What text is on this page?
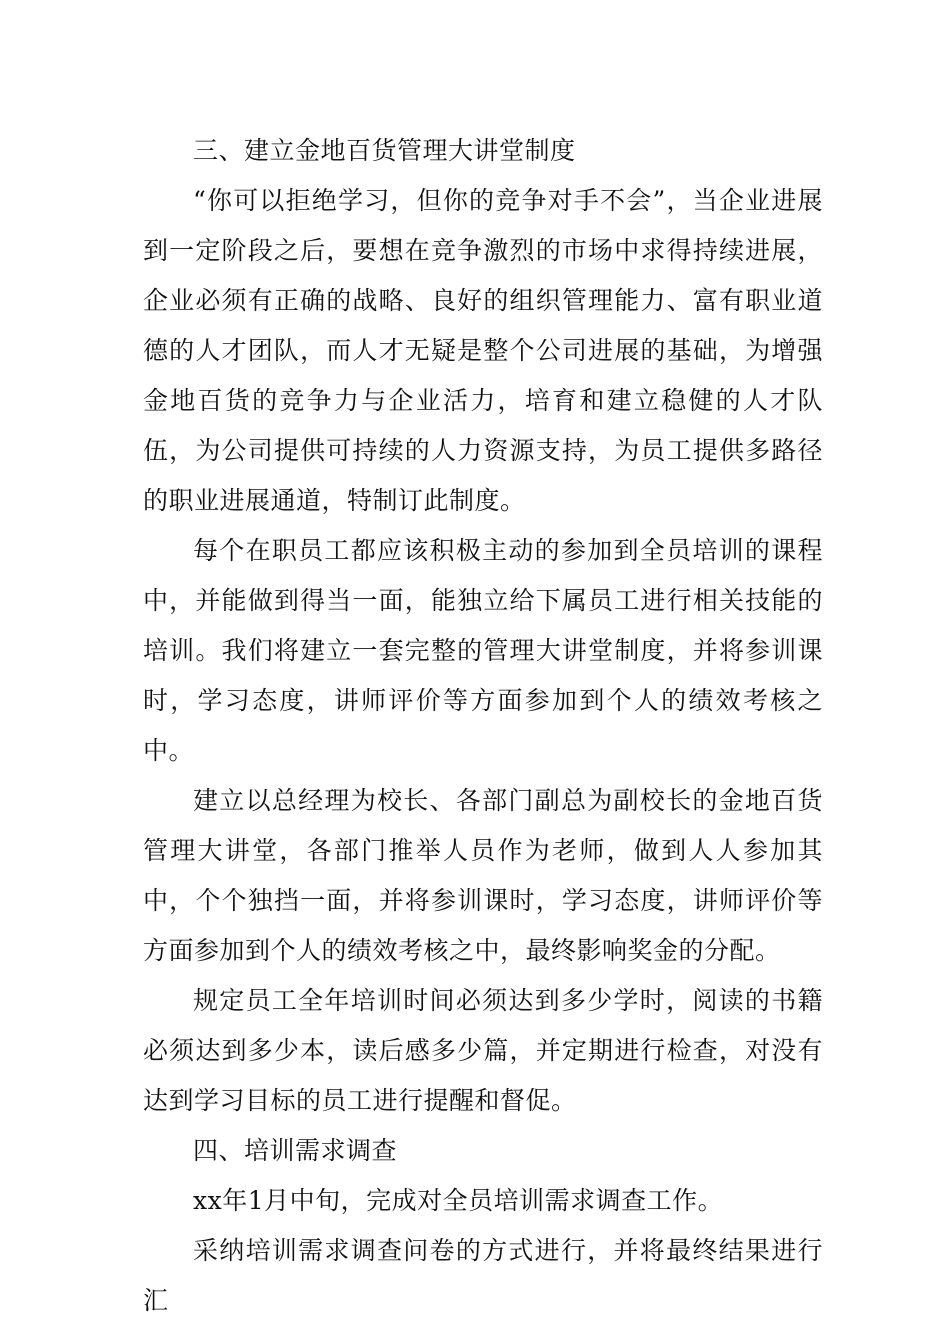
三、建立金地百货管理大讲堂制度

“你可以拒绝学习，但你的竞争对手不会”，当企业进展到一定阶段之后，要想在竞争激烈的市场中求得持续进展，企业必须有正确的战略、良好的组织管理能力、富有职业道德的人才团队，而人才无疑是整个公司进展的基础，为增强金地百货的竞争力与企业活力，培育和建立稳健的人才队伍，为公司提供可持续的人力资源支持，为员工提供多路径的职业进展通道，特制订此制度。

每个在职员工都应该积极主动的参加到全员培训的课程中，并能做到得当一面，能独立给下属员工进行相关技能的培训。我们将建立一套完整的管理大讲堂制度，并将参训课时，学习态度，讲师评价等方面参加到个人的绩效考核之中。

建立以总经理为校长、各部门副总为副校长的金地百货管理大讲堂，各部门推举人员作为老师，做到人人参加其中，个个独挡一面，并将参训课时，学习态度，讲师评价等方面参加到个人的绩效考核之中，最终影响奖金的分配。

规定员工全年培训时间必须达到多少学时，阅读的书籍必须达到多少本，读后感多少篇，并定期进行检查，对没有达到学习目标的员工进行提醒和督促。

四、培训需求调查

xx年1月中旬，完成对全员培训需求调查工作。

采纳培训需求调查问卷的方式进行，并将最终结果进行汇
